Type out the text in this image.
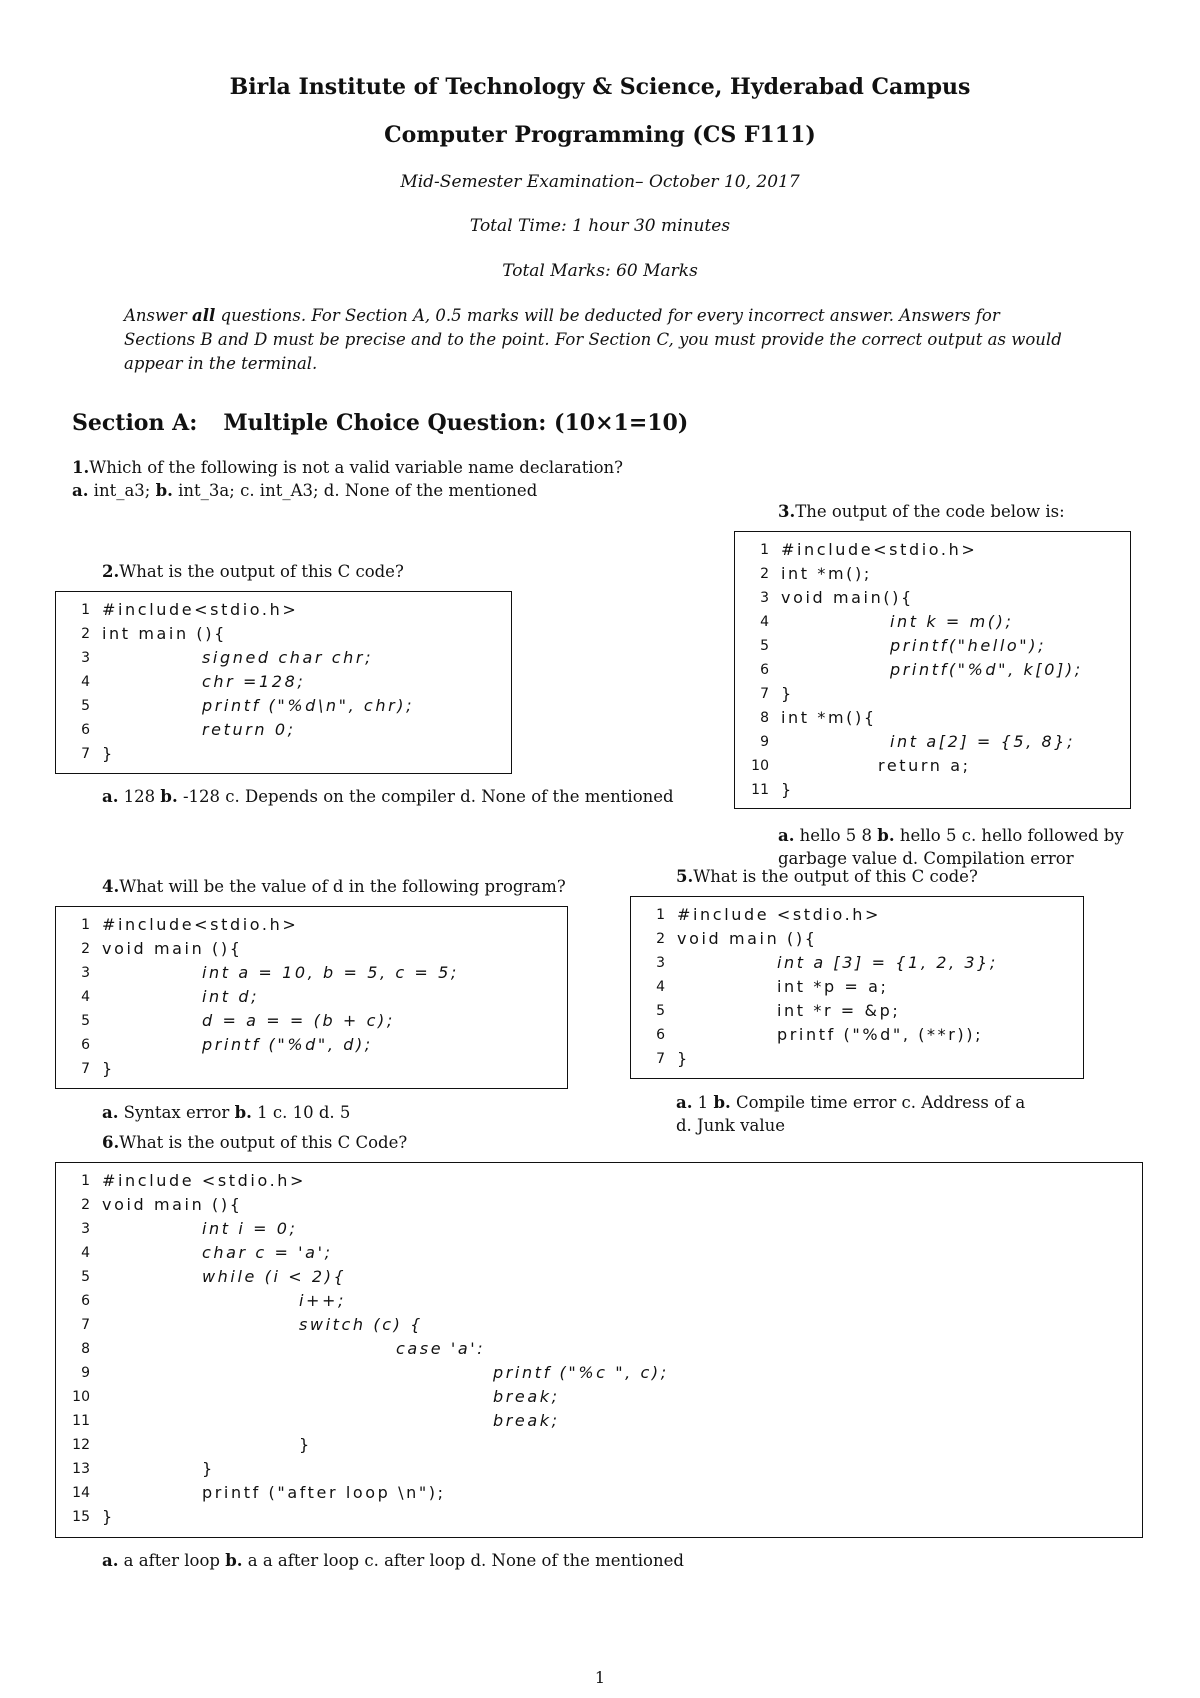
Birla Institute of Technology & Science, Hyderabad Campus
Computer Programming (CS F111)
Mid-Semester Examination– October 10, 2017
Total Time: 1 hour 30 minutes
Total Marks: 60 Marks
Answer all questions. For Section A, 0.5 marks will be deducted for every incorrect answer. Answers for Sections B and D must be precise and to the point. For Section C, you must provide the correct output as would appear in the terminal.
Section A: Multiple Choice Question: (10×1=10)
1.Which of the following is not a valid variable name declaration?
a. int_a3; b. int_3a; c. int_A3; d. None of the mentioned
3.The output of the code below is:
1 #include<stdio.h>
2 int *m();
3 void main(){
4	int k = m();
5	printf("hello");
6	printf("%d", k[0]);
7 }
8 int *m(){
9	int a[2] = {5, 8};
10	return a;
11 }
a. hello 5 8 b. hello 5 c. hello followed by
garbage value d. Compilation error
2.What is the output of this C code?
1 #include<stdio.h>
2 int main (){
3	signed char chr;
4	chr =128;
5	printf ("%d\n", chr);
6	return 0;
7 }
a. 128 b. -128 c. Depends on the compiler d. None of the mentioned
4.What will be the value of d in the following program?
1 #include<stdio.h>
2 void main (){
3	int a = 10, b = 5, c = 5;
4	int d;
5	d = a = = (b + c);
6	printf ("%d", d);
7 }
a. Syntax error b. 1 c. 10 d. 5
5.What is the output of this C code?
1 #include <stdio.h>
2 void main (){
3	int a [3] = {1, 2, 3};
4	int *p = a;
5	int *r = &p;
6	printf ("%d", (**r));
7 }
a. 1 b. Compile time error c. Address of a
d. Junk value
6.What is the output of this C Code?
1 #include <stdio.h>
2 void main (){
3	int i = 0;
4	char c = 'a';
5	while (i < 2){
6	i++;
7	switch (c) {
8	case 'a':
9	printf ("%c ", c);
10	break;
11	break;
12	}
13	}
14	printf ("after loop \n");
15 }
a. a after loop b. a a after loop c. after loop d. None of the mentioned
1
